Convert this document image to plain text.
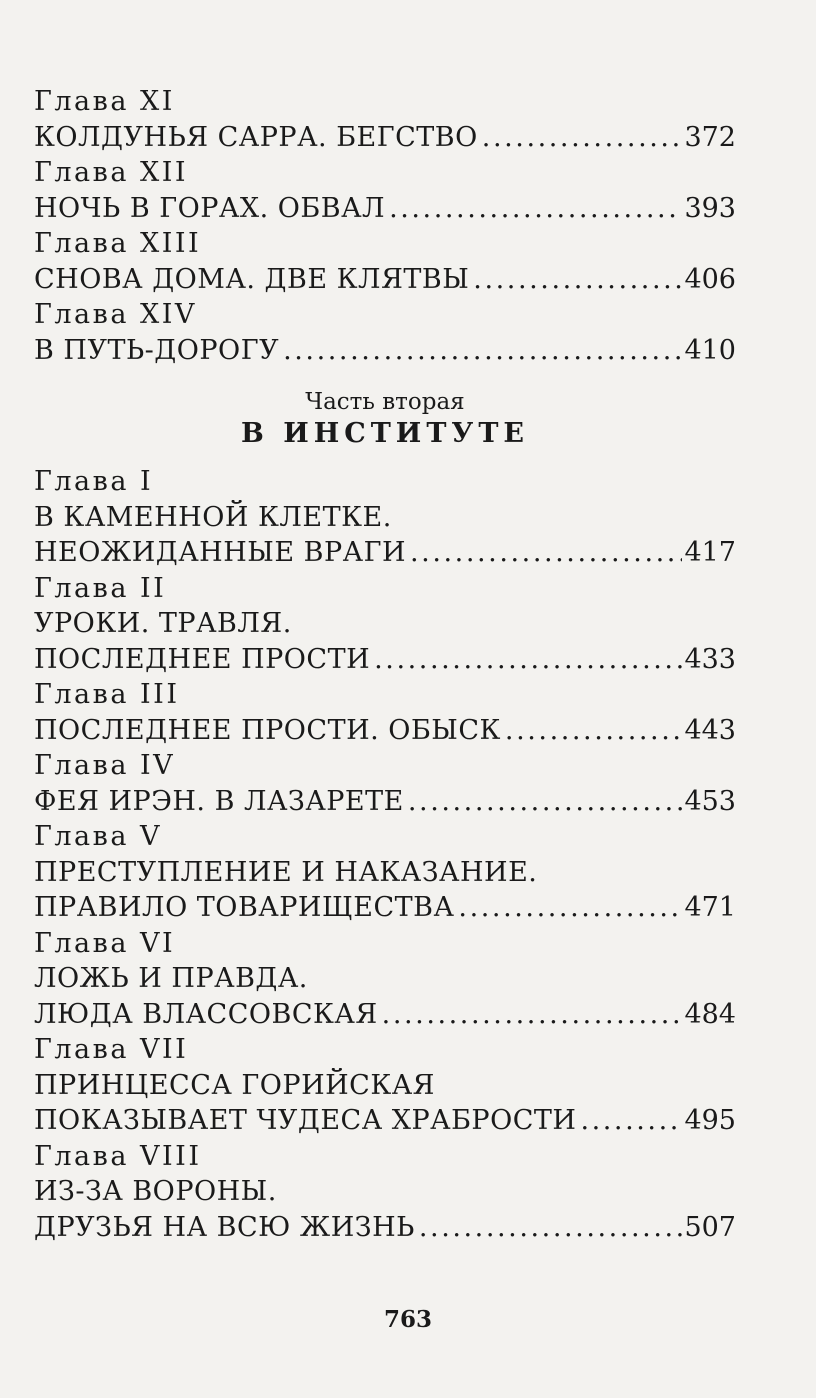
Глава XI
КОЛДУНЬЯ САРРА. БЕГСТВО . . .	372
Глава XII
НОЧЬ В ГОРАХ. ОБВАЛ . . .	393
Глава XIII
СНОВА ДОМА. ДВЕ КЛЯТВЫ . . .	406
Глава XIV
В ПУТЬ-ДОРОГУ . . .	410
Часть вторая
В ИНСТИТУТЕ
Глава I
В КАМЕННОЙ КЛЕТКЕ.
НЕОЖИДАННЫЕ ВРАГИ . . .	417
Глава II
УРОКИ. ТРАВЛЯ.
ПОСЛЕДНЕЕ ПРОСТИ . . .	433
Глава III
ПОСЛЕДНЕЕ ПРОСТИ. ОБЫСК . . .	443
Глава IV
ФЕЯ ИРЭН. В ЛАЗАРЕТЕ . . .	453
Глава V
ПРЕСТУПЛЕНИЕ И НАКАЗАНИЕ.
ПРАВИЛО ТОВАРИЩЕСТВА . . .	471
Глава VI
ЛОЖЬ И ПРАВДА.
ЛЮДА ВЛАССОВСКАЯ . . .	484
Глава VII
ПРИНЦЕССА ГОРИЙСКАЯ
ПОКАЗЫВАЕТ ЧУДЕСА ХРАБРОСТИ . . .	495
Глава VIII
ИЗ-ЗА ВОРОНЫ.
ДРУЗЬЯ НА ВСЮ ЖИЗНЬ . . .	507
763
